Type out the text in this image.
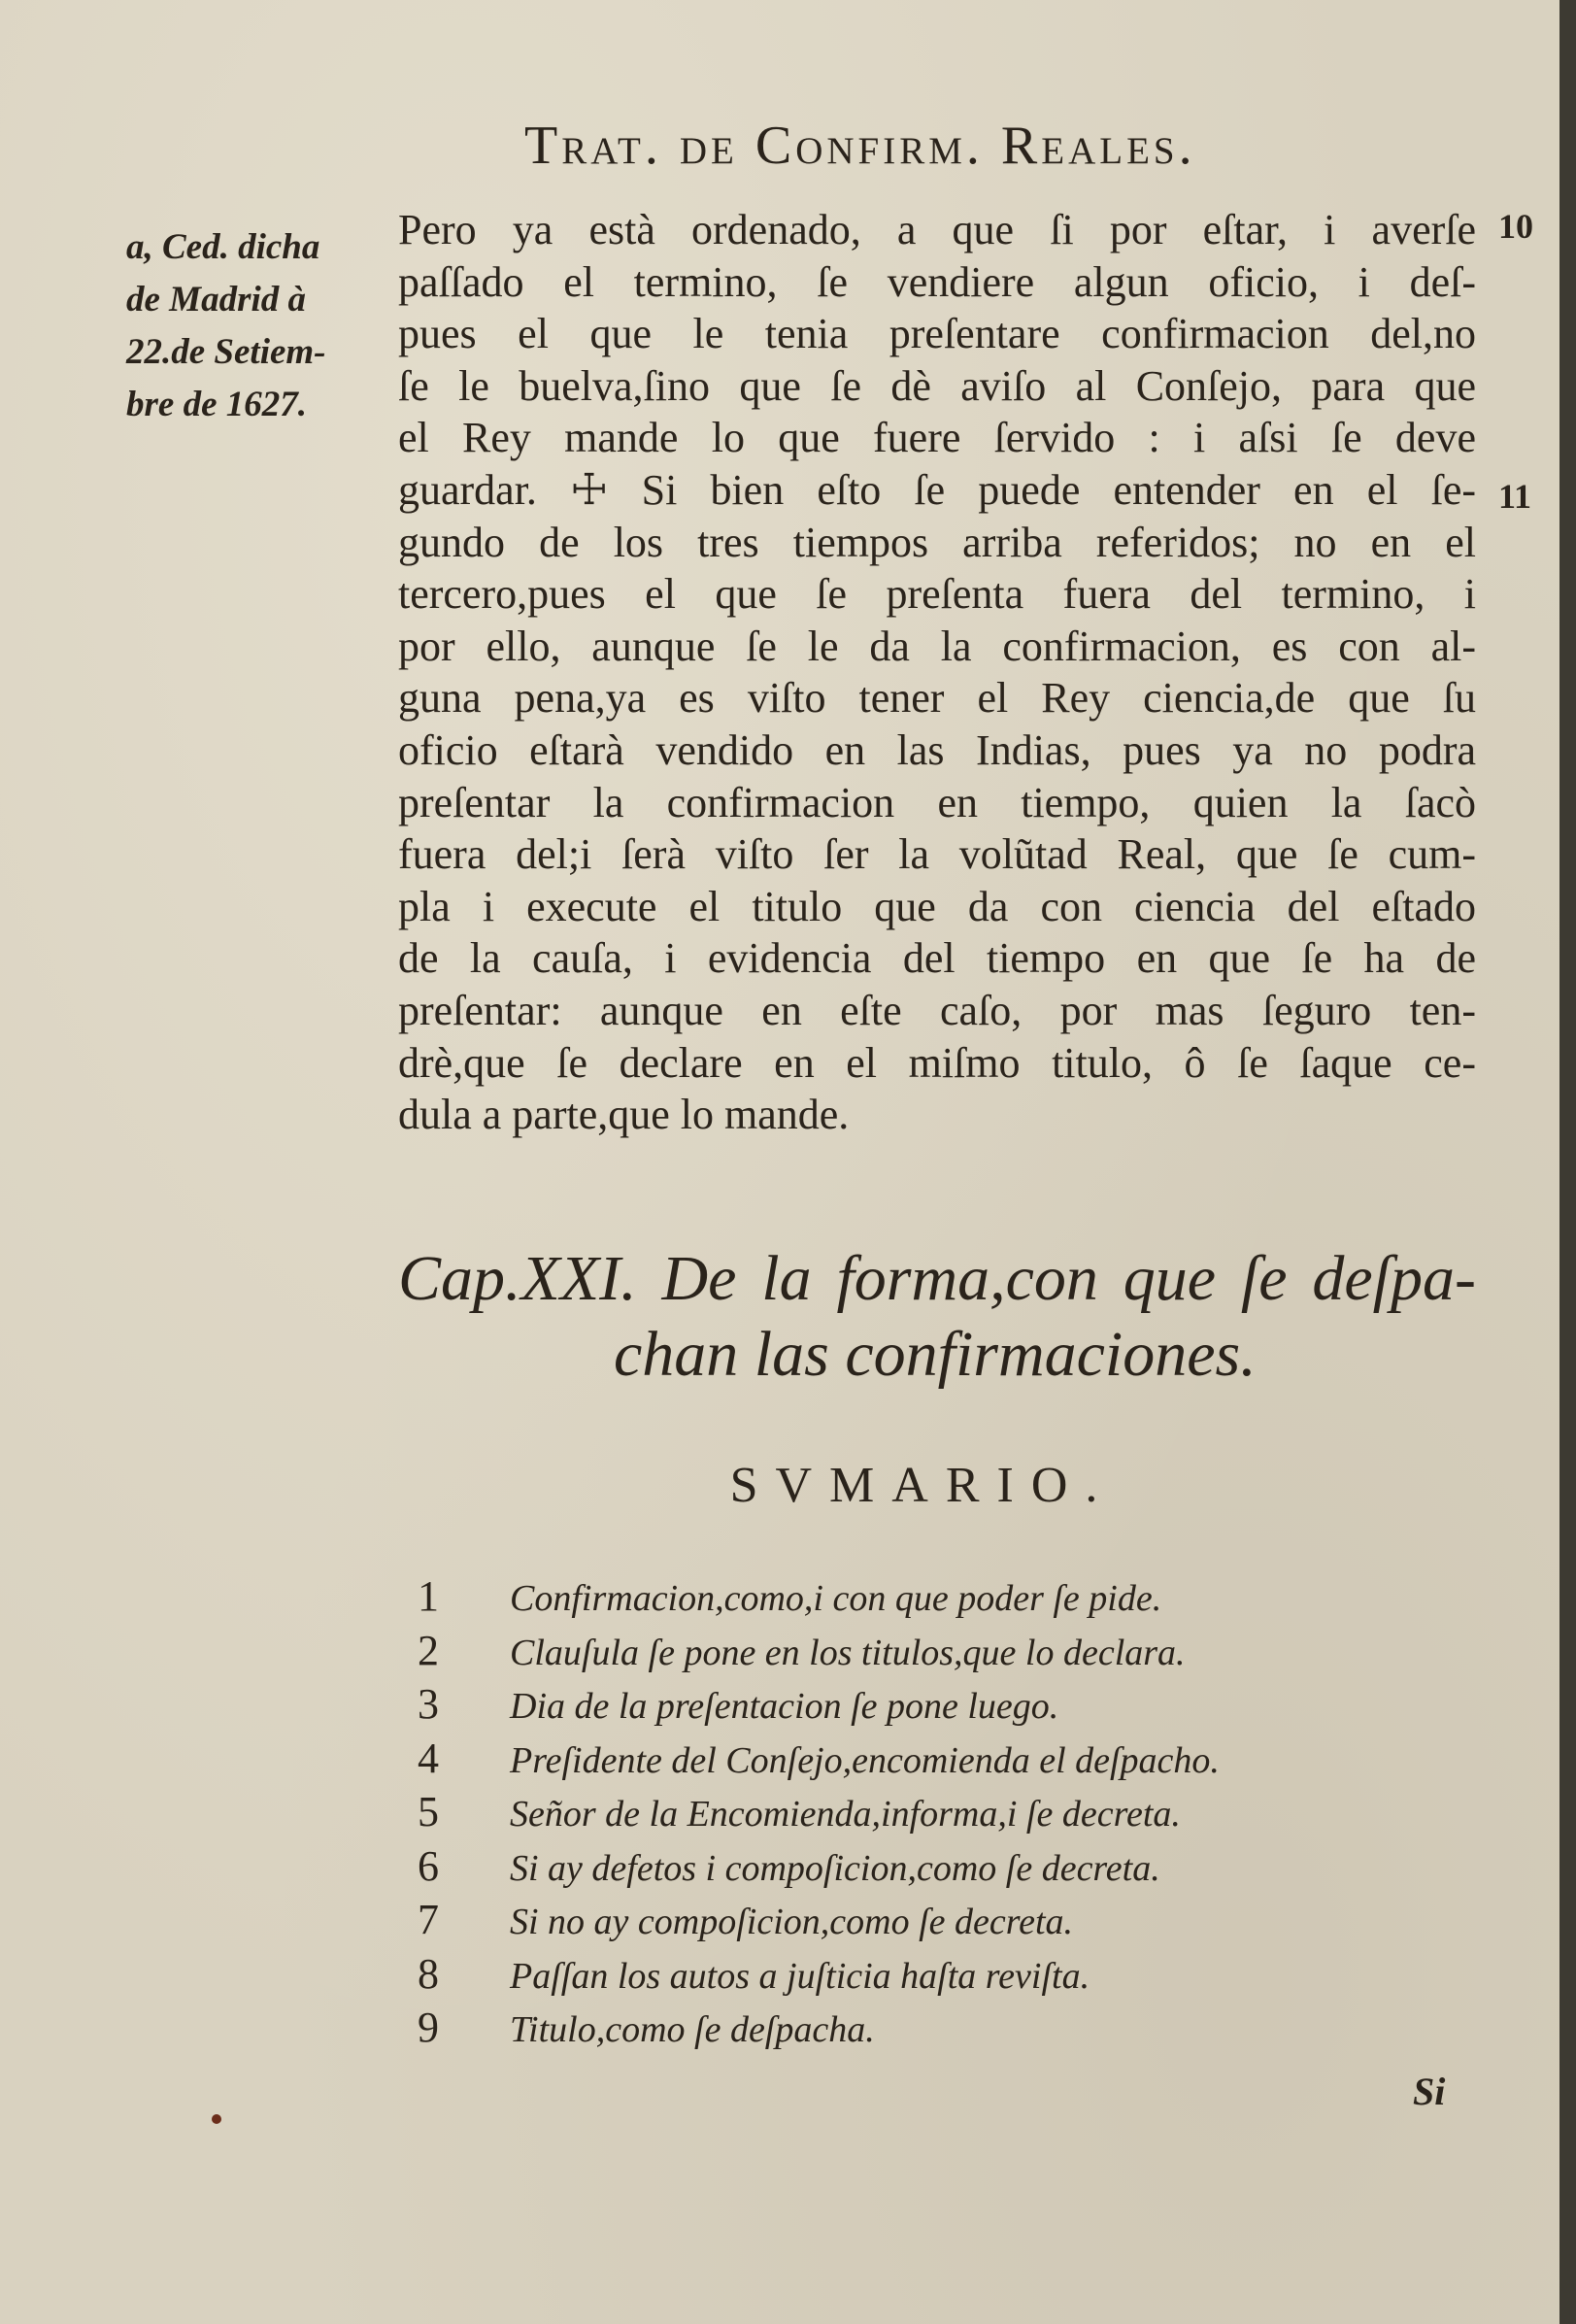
Trat. de Confirm. Reales.
a, Ced. dicha
de Madrid à
22.de Setiem-
bre de 1627.
10
11
Pero ya està ordenado, a que ſi por eſtar, i averſe
paſſado el termino, ſe vendiere algun oficio, i deſ-
pues el que le tenia preſentare confirmacion del,no
ſe le buelva,ſino que ſe dè aviſo al Conſejo, para que
el Rey mande lo que fuere ſervido : i aſsi ſe deve
guardar. ☩ Si bien eſto ſe puede entender en el ſe-
gundo de los tres tiempos arriba referidos; no en el
tercero,pues el que ſe preſenta fuera del termino, i
por ello, aunque ſe le da la confirmacion, es con al-
guna pena,ya es viſto tener el Rey ciencia,de que ſu
oficio eſtarà vendido en las Indias, pues ya no podra
preſentar la confirmacion en tiempo, quien la ſacò
fuera del;i ſerà viſto ſer la volũtad Real, que ſe cum-
pla i execute el titulo que da con ciencia del eſtado
de la cauſa, i evidencia del tiempo en que ſe ha de
preſentar: aunque en eſte caſo, por mas ſeguro ten-
drè,que ſe declare en el miſmo titulo, ô ſe ſaque ce-
dula a parte,que lo mande.
Cap.XXI. De la forma,con que ſe deſpa-
chan las confirmaciones.
SVMARIO.
1	Confirmacion,como,i con que poder ſe pide.
2	Clauſula ſe pone en los titulos,que lo declara.
3	Dia de la preſentacion ſe pone luego.
4	Preſidente del Conſejo,encomienda el deſpacho.
5	Señor de la Encomienda,informa,i ſe decreta.
6	Si ay defetos i compoſicion,como ſe decreta.
7	Si no ay compoſicion,como ſe decreta.
8	Paſſan los autos a juſticia haſta reviſta.
9	Titulo,como ſe deſpacha.
Si
